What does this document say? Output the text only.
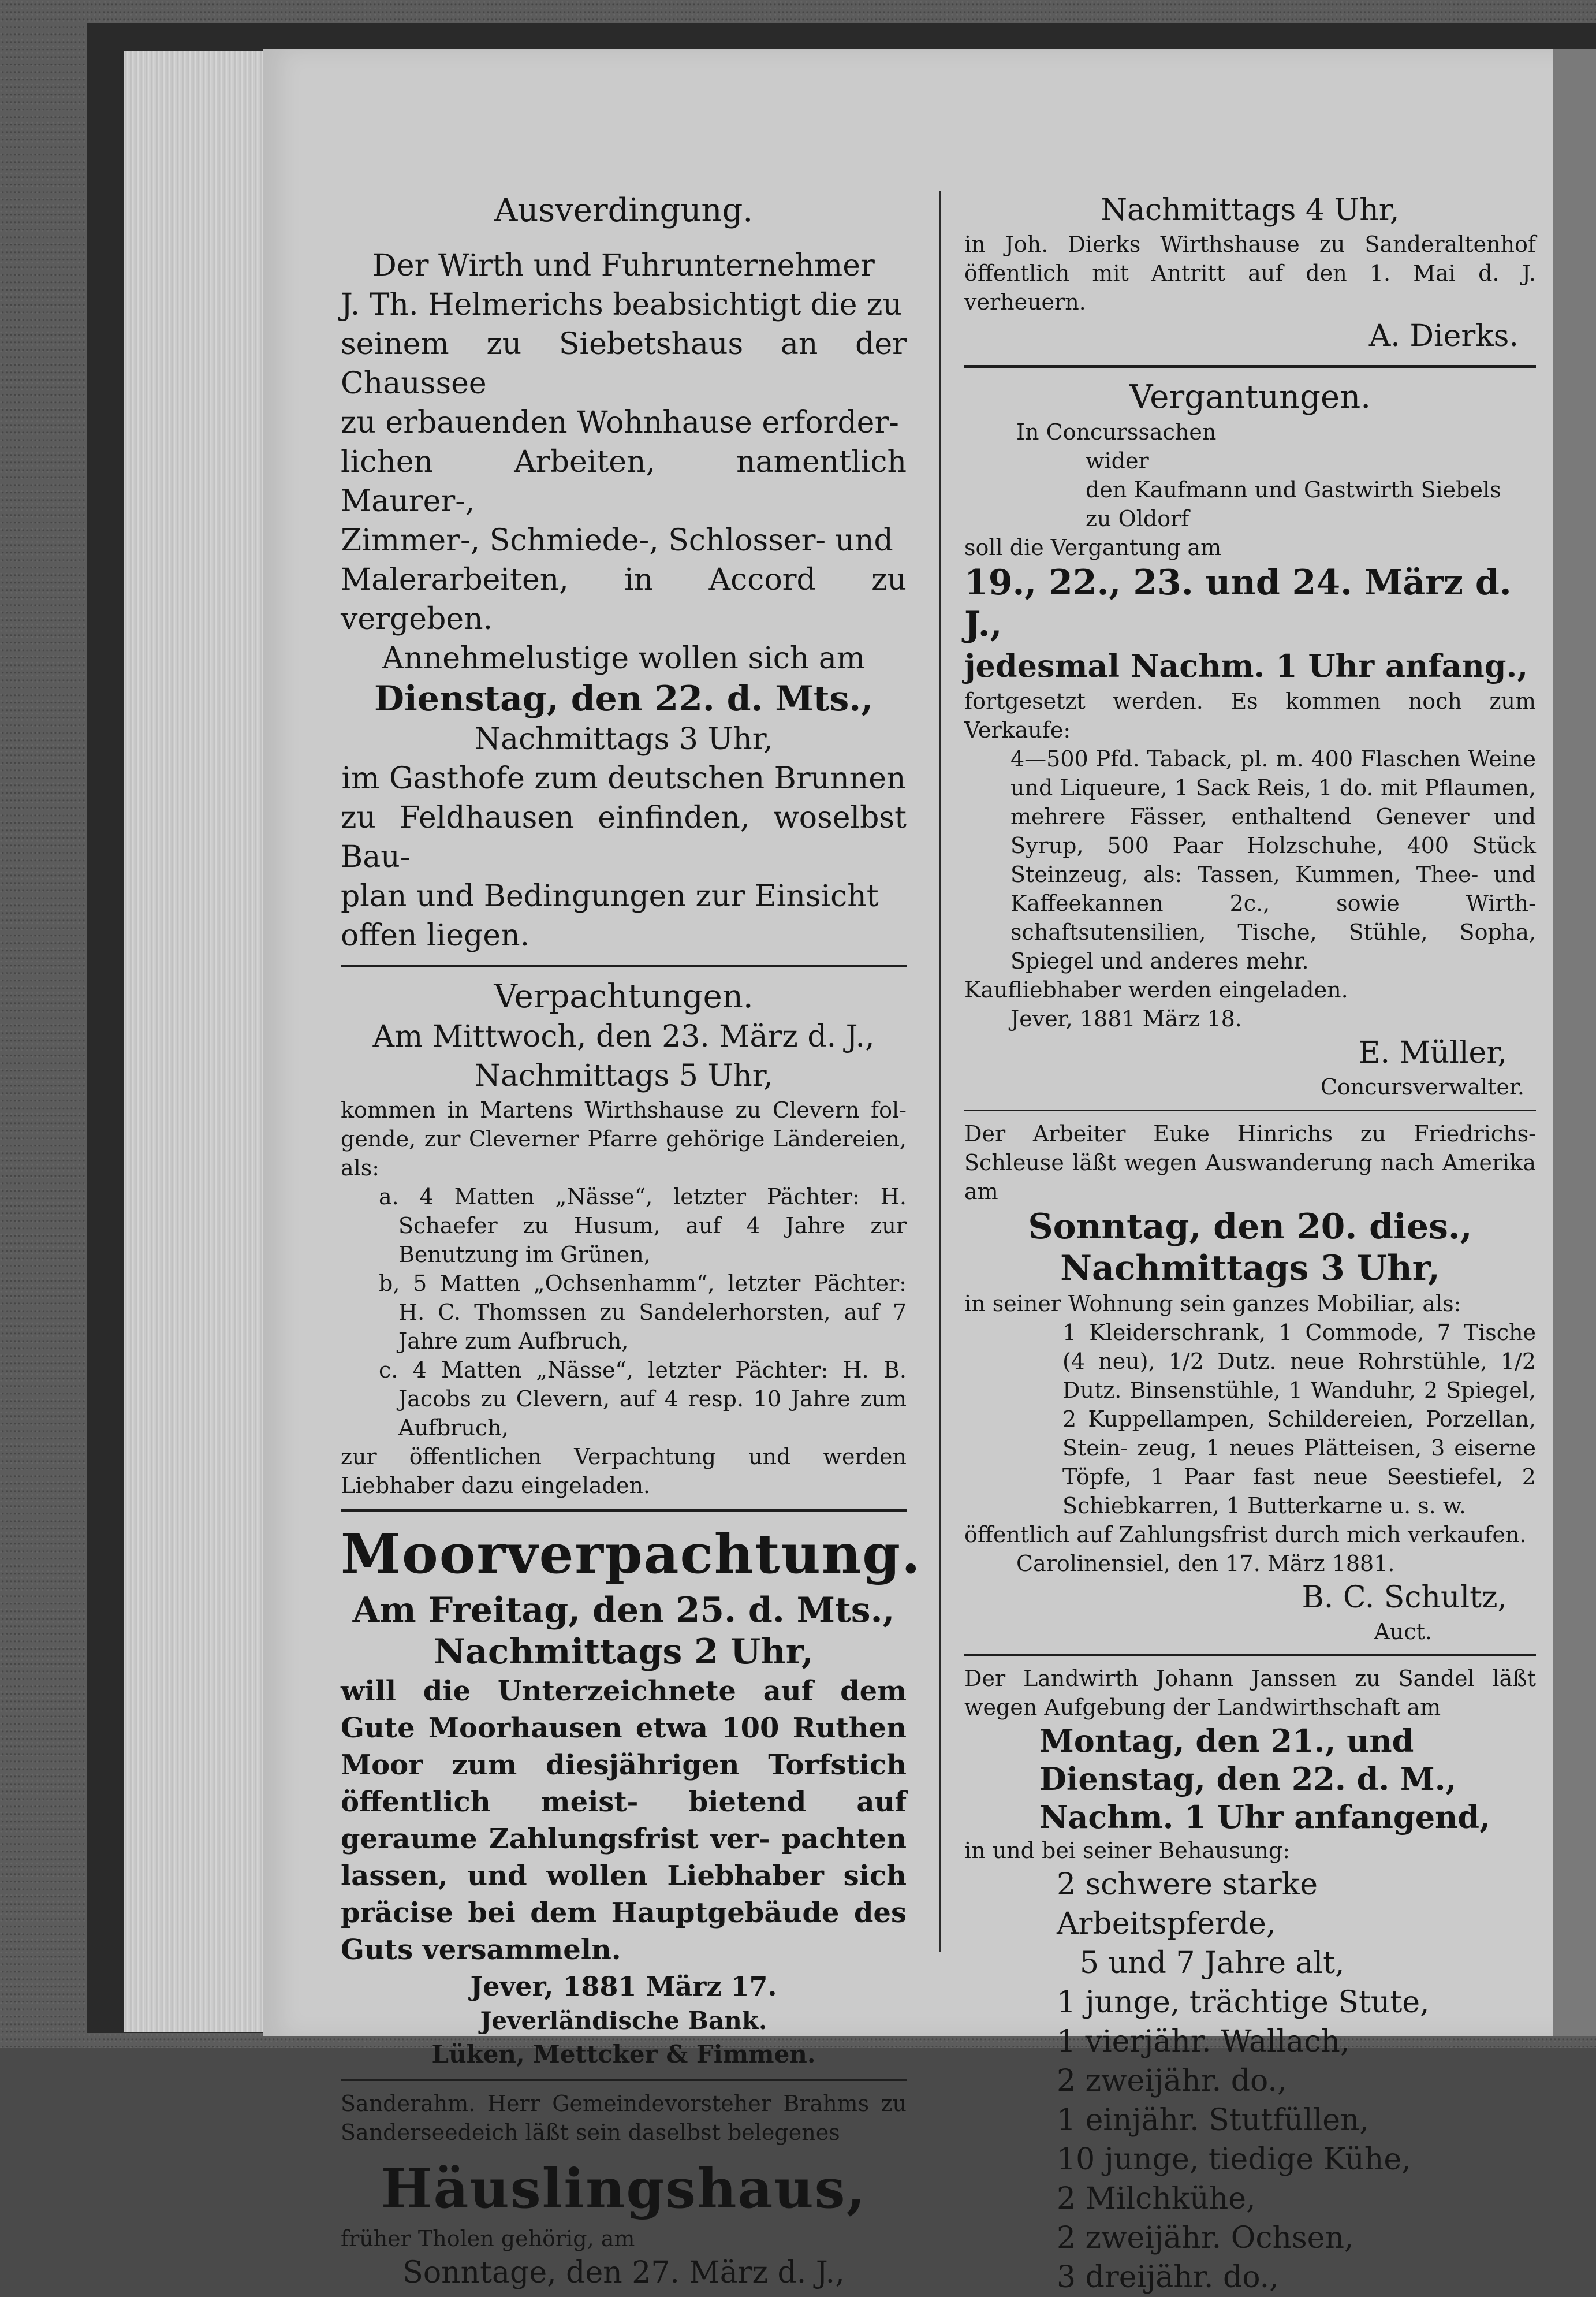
Ausverdingung.
Der Wirth und Fuhrunternehmer
J. Th. Helmerichs beabsichtigt die zu
seinem zu Siebetshaus an der Chaussee
zu erbauenden Wohnhause erforder-
lichen Arbeiten, namentlich Maurer-,
Zimmer-, Schmiede-, Schlosser- und
Malerarbeiten, in Accord zu vergeben.
Annehmelustige wollen sich am
Dienstag, den 22. d. Mts.,
Nachmittags 3 Uhr,
im Gasthofe zum deutschen Brunnen
zu Feldhausen einfinden, woselbst Bau-
plan und Bedingungen zur Einsicht
offen liegen.
Verpachtungen.
Am Mittwoch, den 23. März d. J.,
Nachmittags 5 Uhr,
kommen in Martens Wirthshause zu Clevern fol- gende, zur Cleverner Pfarre gehörige Ländereien, als:
a. 4 Matten „Nässe“, letzter Pächter: H. Schaefer zu Husum, auf 4 Jahre zur Benutzung im Grünen,
b, 5 Matten „Ochsenhamm“, letzter Pächter: H. C. Thomssen zu Sandelerhorsten, auf 7 Jahre zum Aufbruch,
c. 4 Matten „Nässe“, letzter Pächter: H. B. Jacobs zu Clevern, auf 4 resp. 10 Jahre zum Aufbruch,
zur öffentlichen Verpachtung und werden Liebhaber dazu eingeladen.
Moorverpachtung.
Am Freitag, den 25. d. Mts.,
Nachmittags 2 Uhr,
will die Unterzeichnete auf dem Gute Moorhausen etwa 100 Ruthen Moor zum diesjährigen Torfstich öffentlich meist- bietend auf geraume Zahlungsfrist ver- pachten lassen, und wollen Liebhaber sich präcise bei dem Hauptgebäude des Guts versammeln.
Jever, 1881 März 17.
Jeverländische Bank.
Lüken, Mettcker & Fimmen.
Sanderahm. Herr Gemeindevorsteher Brahms zu Sanderseedeich läßt sein daselbst belegenes
Häuslingshaus,
früher Tholen gehörig, am
Sonntage, den 27. März d. J.,
Nachmittags 4 Uhr,
in Joh. Dierks Wirthshause zu Sanderaltenhof öffentlich mit Antritt auf den 1. Mai d. J. verheuern.
A. Dierks.
Vergantungen.
In Concurssachen
wider
den Kaufmann und Gastwirth Siebels
zu Oldorf
soll die Vergantung am
19., 22., 23. und 24. März d. J.,
jedesmal Nachm. 1 Uhr anfang.,
fortgesetzt werden. Es kommen noch zum Verkaufe:
4—500 Pfd. Taback, pl. m. 400 Flaschen Weine und Liqueure, 1 Sack Reis, 1 do. mit Pflaumen, mehrere Fässer, enthaltend Genever und Syrup, 500 Paar Holzschuhe, 400 Stück Steinzeug, als: Tassen, Kummen, Thee- und Kaffeekannen 2c., sowie Wirth- schaftsutensilien, Tische, Stühle, Sopha, Spiegel und anderes mehr.
Kaufliebhaber werden eingeladen.
Jever, 1881 März 18.
E. Müller,
Concursverwalter.
Der Arbeiter Euke Hinrichs zu Friedrichs- Schleuse läßt wegen Auswanderung nach Amerika am
Sonntag, den 20. dies.,
Nachmittags 3 Uhr,
in seiner Wohnung sein ganzes Mobiliar, als:
1 Kleiderschrank, 1 Commode, 7 Tische (4 neu), 1/2 Dutz. neue Rohrstühle, 1/2 Dutz. Binsenstühle, 1 Wanduhr, 2 Spiegel, 2 Kuppellampen, Schildereien, Porzellan, Stein- zeug, 1 neues Plätteisen, 3 eiserne Töpfe, 1 Paar fast neue Seestiefel, 2 Schiebkarren, 1 Butterkarne u. s. w.
öffentlich auf Zahlungsfrist durch mich verkaufen.
Carolinensiel, den 17. März 1881.
B. C. Schultz,
Auct.
Der Landwirth Johann Janssen zu Sandel läßt wegen Aufgebung der Landwirthschaft am
Montag, den 21., und Dienstag, den 22. d. M., Nachm. 1 Uhr anfangend,
in und bei seiner Behausung:
2 schwere starke Arbeitspferde,
5 und 7 Jahre alt,
1 junge, trächtige Stute,
1 vierjähr. Wallach,
2 zweijähr. do.,
1 einjähr. Stutfüllen,
10 junge, tiedige Kühe,
2 Milchkühe,
2 zweijähr. Ochsen,
3 dreijähr. do.,
